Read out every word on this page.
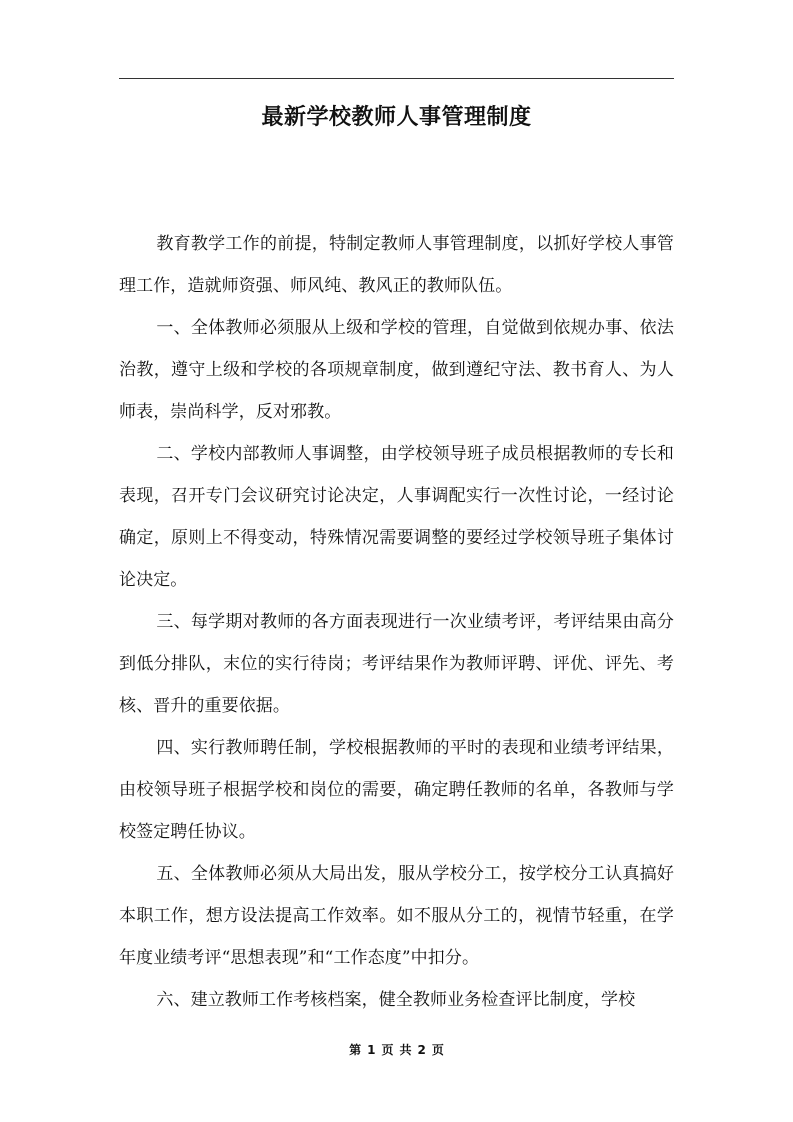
最新学校教师人事管理制度

教育教学工作的前提，特制定教师人事管理制度，以抓好学校人事管理工作，造就师资强、师风纯、教风正的教师队伍。

一、全体教师必须服从上级和学校的管理，自觉做到依规办事、依法治教，遵守上级和学校的各项规章制度，做到遵纪守法、教书育人、为人师表，崇尚科学，反对邪教。

二、学校内部教师人事调整，由学校领导班子成员根据教师的专长和表现，召开专门会议研究讨论决定，人事调配实行一次性讨论，一经讨论确定，原则上不得变动，特殊情况需要调整的要经过学校领导班子集体讨论决定。

三、每学期对教师的各方面表现进行一次业绩考评，考评结果由高分到低分排队，末位的实行待岗；考评结果作为教师评聘、评优、评先、考核、晋升的重要依据。

四、实行教师聘任制，学校根据教师的平时的表现和业绩考评结果，由校领导班子根据学校和岗位的需要，确定聘任教师的名单，各教师与学校签定聘任协议。

五、全体教师必须从大局出发，服从学校分工，按学校分工认真搞好本职工作，想方设法提高工作效率。如不服从分工的，视情节轻重，在学年度业绩考评“思想表现”和“工作态度”中扣分。

六、建立教师工作考核档案，健全教师业务检查评比制度，学校

第 1 页 共 2 页
